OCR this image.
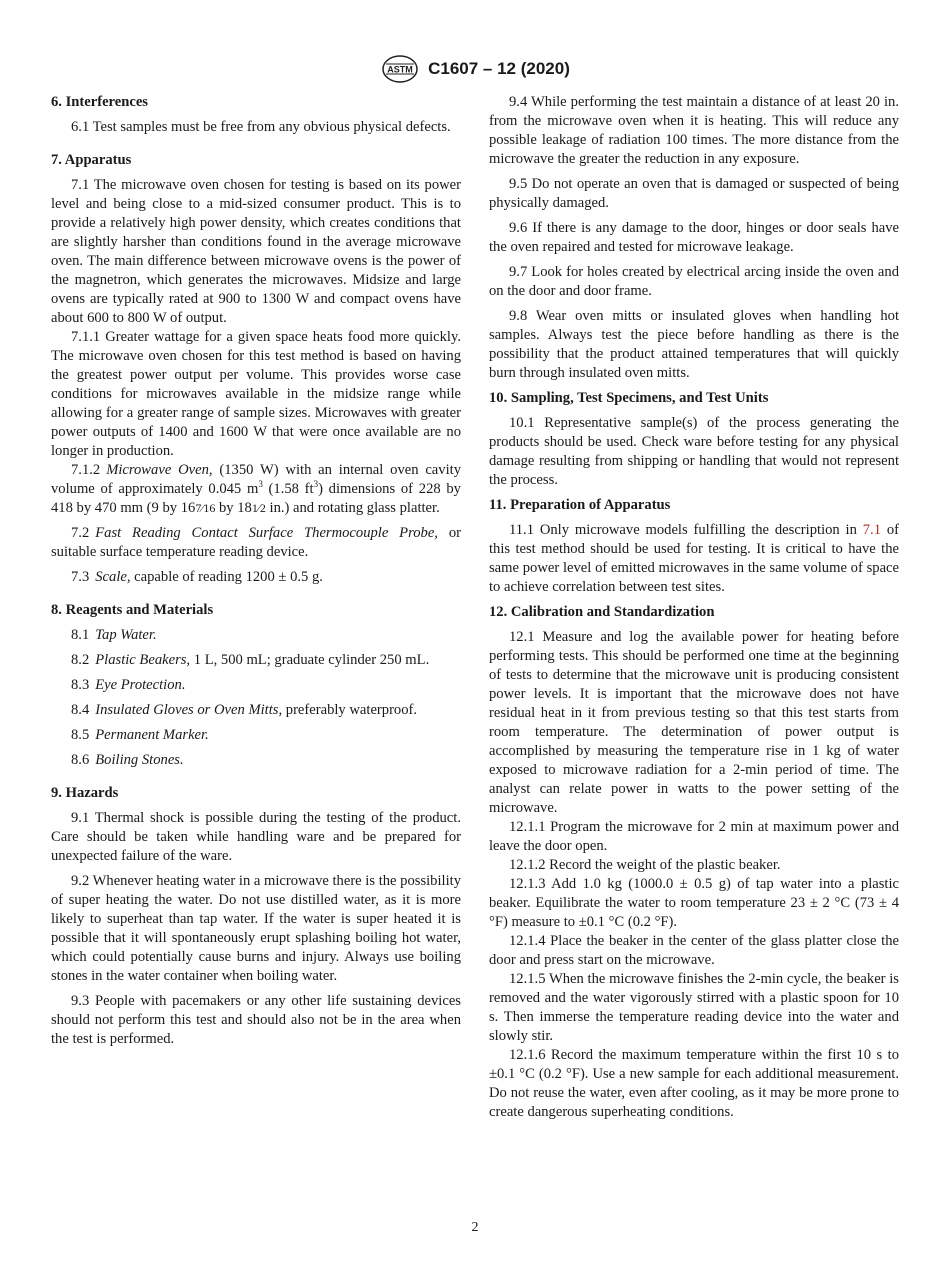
ASTM C1607 – 12 (2020)
6. Interferences

6.1 Test samples must be free from any obvious physical defects.

7. Apparatus

7.1 The microwave oven chosen for testing is based on its power level and being close to a mid-sized consumer product. This is to provide a relatively high power density, which creates conditions that are slightly harsher than conditions found in the average microwave oven. The main difference between microwave ovens is the power of the magnetron, which generates the microwaves. Midsize and large ovens are typically rated at 900 to 1300 W and compact ovens have about 600 to 800 W of output.

7.1.1 Greater wattage for a given space heats food more quickly. The microwave oven chosen for this test method is based on having the greatest power output per volume. This provides worse case conditions for microwaves available in the midsize range while allowing for a greater range of sample sizes. Microwaves with greater power outputs of 1400 and 1600 W that were once available are no longer in production.

7.1.2 Microwave Oven, (1350 W) with an internal oven cavity volume of approximately 0.045 $m^3$ (1.58 $ft^3$) dimensions of 228 by 418 by 470 mm (9 by 167⁄16 by 181⁄2 in.) and rotating glass platter.

7.2 Fast Reading Contact Surface Thermocouple Probe, or suitable surface temperature reading device.

7.3 Scale, capable of reading 1200 ± 0.5 g.

8. Reagents and Materials

8.1 Tap Water.

8.2 Plastic Beakers, 1 L, 500 mL; graduate cylinder 250 mL.

8.3 Eye Protection.

8.4 Insulated Gloves or Oven Mitts, preferably waterproof.

8.5 Permanent Marker.

8.6 Boiling Stones.

9. Hazards

9.1 Thermal shock is possible during the testing of the product. Care should be taken while handling ware and be prepared for unexpected failure of the ware.

9.2 Whenever heating water in a microwave there is the possibility of super heating the water. Do not use distilled water, as it is more likely to superheat than tap water. If the water is super heated it is possible that it will spontaneously erupt splashing boiling hot water, which could potentially cause burns and injury. Always use boiling stones in the water container when boiling water.

9.3 People with pacemakers or any other life sustaining devices should not perform this test and should also not be in the area when the test is performed.

9.4 While performing the test maintain a distance of at least 20 in. from the microwave oven when it is heating. This will reduce any possible leakage of radiation 100 times. The more distance from the microwave the greater the reduction in any exposure.

9.5 Do not operate an oven that is damaged or suspected of being physically damaged.

9.6 If there is any damage to the door, hinges or door seals have the oven repaired and tested for microwave leakage.

9.7 Look for holes created by electrical arcing inside the oven and on the door and door frame.

9.8 Wear oven mitts or insulated gloves when handling hot samples. Always test the piece before handling as there is the possibility that the product attained temperatures that will quickly burn through insulated oven mitts.

10. Sampling, Test Specimens, and Test Units

10.1 Representative sample(s) of the process generating the products should be used. Check ware before testing for any physical damage resulting from shipping or handling that would not represent the process.

11. Preparation of Apparatus

11.1 Only microwave models fulfilling the description in 7.1 of this test method should be used for testing. It is critical to have the same power level of emitted microwaves in the same volume of space to achieve correlation between test sites.

12. Calibration and Standardization

12.1 Measure and log the available power for heating before performing tests. This should be performed one time at the beginning of tests to determine that the microwave unit is producing consistent power levels. It is important that the microwave does not have residual heat in it from previous testing so that this test starts from room temperature. The determination of power output is accomplished by measuring the temperature rise in 1 kg of water exposed to microwave radiation for a 2-min period of time. The analyst can relate power in watts to the power setting of the microwave.

12.1.1 Program the microwave for 2 min at maximum power and leave the door open.

12.1.2 Record the weight of the plastic beaker.

12.1.3 Add 1.0 kg (1000.0 ± 0.5 g) of tap water into a plastic beaker. Equilibrate the water to room temperature 23 ± 2 °C (73 ± 4 °F) measure to ±0.1 °C (0.2 °F).

12.1.4 Place the beaker in the center of the glass platter close the door and press start on the microwave.

12.1.5 When the microwave finishes the 2-min cycle, the beaker is removed and the water vigorously stirred with a plastic spoon for 10 s. Then immerse the temperature reading device into the water and slowly stir.

12.1.6 Record the maximum temperature within the first 10 s to ±0.1 °C (0.2 °F). Use a new sample for each additional measurement. Do not reuse the water, even after cooling, as it may be more prone to create dangerous superheating conditions.

2
